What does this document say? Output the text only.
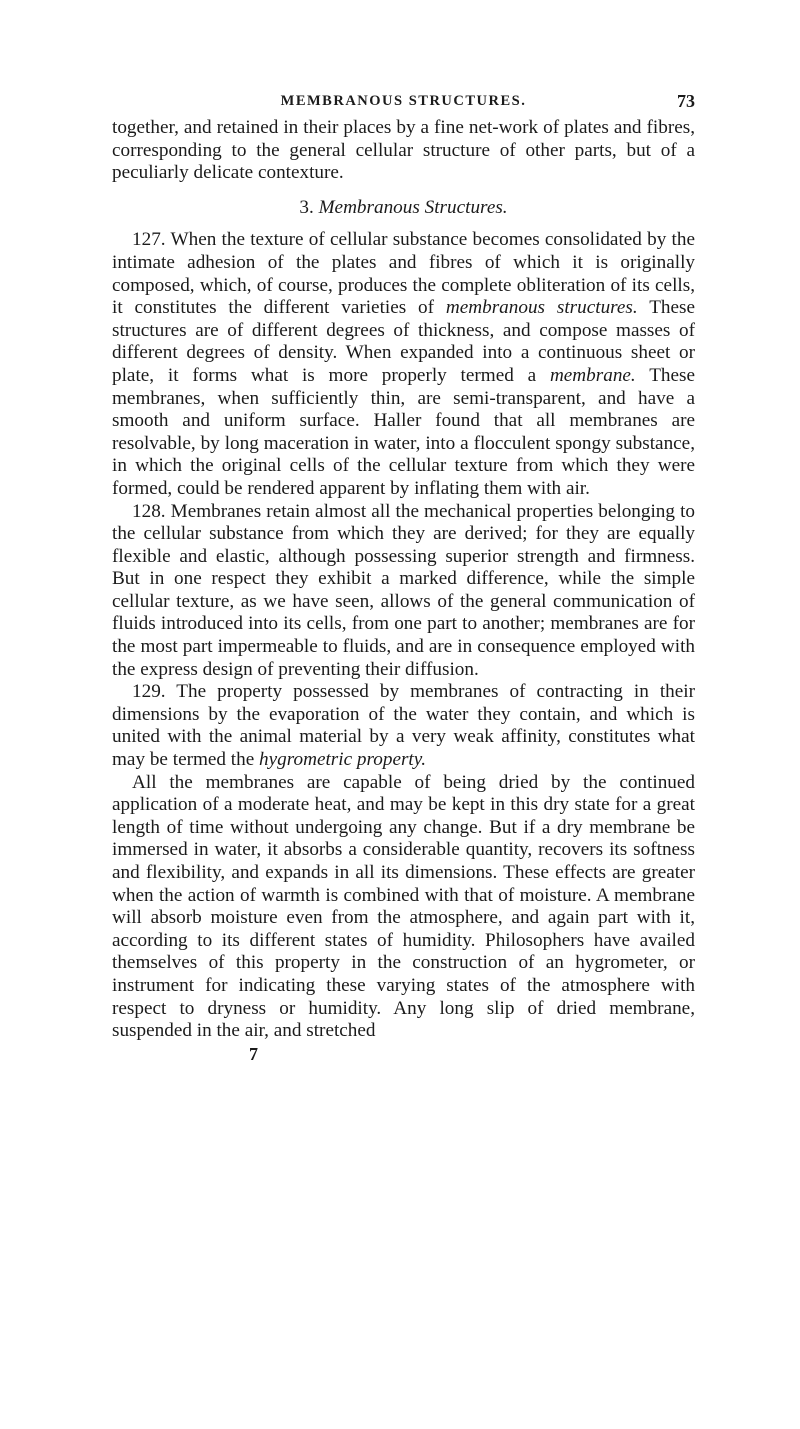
MEMBRANOUS STRUCTURES.	73

together, and retained in their places by a fine net-work of plates and fibres, corresponding to the general cellular structure of other parts, but of a peculiarly delicate contexture.

3. Membranous Structures.

127. When the texture of cellular substance becomes consolidated by the intimate adhesion of the plates and fibres of which it is originally composed, which, of course, produces the complete obliteration of its cells, it constitutes the different varieties of membranous structures. These structures are of different degrees of thickness, and compose masses of different degrees of density. When expanded into a continuous sheet or plate, it forms what is more properly termed a membrane. These membranes, when sufficiently thin, are semi-transparent, and have a smooth and uniform surface. Haller found that all membranes are resolvable, by long maceration in water, into a flocculent spongy substance, in which the original cells of the cellular texture from which they were formed, could be rendered apparent by inflating them with air.

128. Membranes retain almost all the mechanical properties belonging to the cellular substance from which they are derived; for they are equally flexible and elastic, although possessing superior strength and firmness. But in one respect they exhibit a marked difference, while the simple cellular texture, as we have seen, allows of the general communication of fluids introduced into its cells, from one part to another; membranes are for the most part impermeable to fluids, and are in consequence employed with the express design of preventing their diffusion.

129. The property possessed by membranes of contracting in their dimensions by the evaporation of the water they contain, and which is united with the animal material by a very weak affinity, constitutes what may be termed the hygrometric property.

All the membranes are capable of being dried by the continued application of a moderate heat, and may be kept in this dry state for a great length of time without undergoing any change. But if a dry membrane be immersed in water, it absorbs a considerable quantity, recovers its softness and flexibility, and expands in all its dimensions. These effects are greater when the action of warmth is combined with that of moisture. A membrane will absorb moisture even from the atmosphere, and again part with it, according to its different states of humidity. Philosophers have availed themselves of this property in the construction of an hygrometer, or instrument for indicating these varying states of the atmosphere with respect to dryness or humidity. Any long slip of dried membrane, suspended in the air, and stretched

7
